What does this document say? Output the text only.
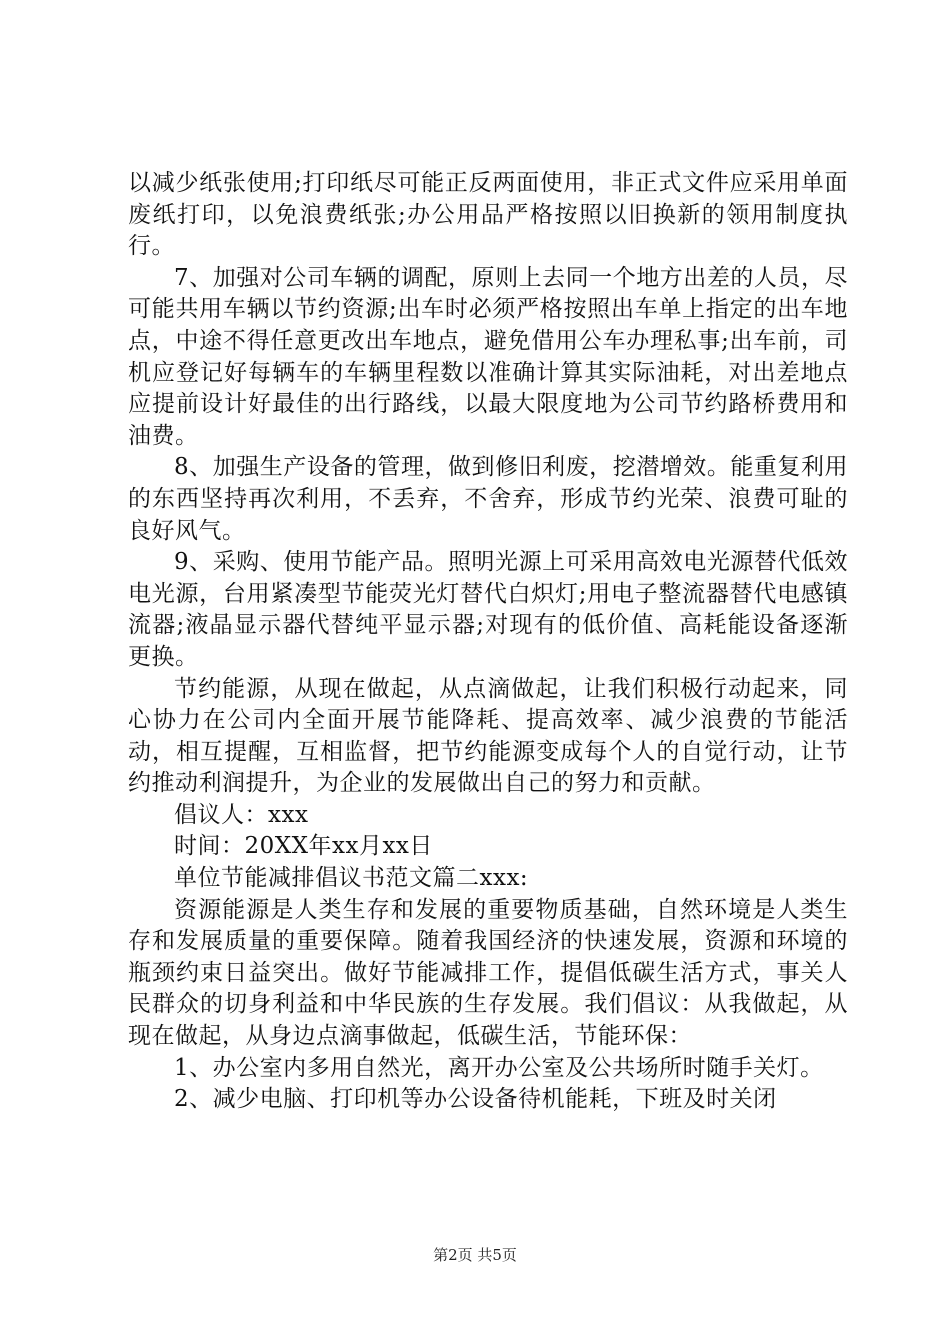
以减少纸张使用;打印纸尽可能正反两面使用，非正式文件应采用单面废纸打印，以免浪费纸张;办公用品严格按照以旧换新的领用制度执行。

7、加强对公司车辆的调配，原则上去同一个地方出差的人员，尽可能共用车辆以节约资源;出车时必须严格按照出车单上指定的出车地点，中途不得任意更改出车地点，避免借用公车办理私事;出车前，司机应登记好每辆车的车辆里程数以准确计算其实际油耗，对出差地点应提前设计好最佳的出行路线，以最大限度地为公司节约路桥费用和油费。

8、加强生产设备的管理，做到修旧利废，挖潜增效。能重复利用的东西坚持再次利用，不丢弃，不舍弃，形成节约光荣、浪费可耻的良好风气。

9、采购、使用节能产品。照明光源上可采用高效电光源替代低效电光源，台用紧凑型节能荧光灯替代白炽灯;用电子整流器替代电感镇流器;液晶显示器代替纯平显示器;对现有的低价值、高耗能设备逐渐更换。

节约能源，从现在做起，从点滴做起，让我们积极行动起来，同心协力在公司内全面开展节能降耗、提高效率、减少浪费的节能活动，相互提醒，互相监督，把节约能源变成每个人的自觉行动，让节约推动利润提升，为企业的发展做出自己的努力和贡献。

倡议人：xxx

时间：20XX年xx月xx日

单位节能减排倡议书范文篇二xxx:

资源能源是人类生存和发展的重要物质基础，自然环境是人类生存和发展质量的重要保障。随着我国经济的快速发展，资源和环境的瓶颈约束日益突出。做好节能减排工作，提倡低碳生活方式，事关人民群众的切身利益和中华民族的生存发展。我们倡议：从我做起，从现在做起，从身边点滴事做起，低碳生活，节能环保：

1、办公室内多用自然光，离开办公室及公共场所时随手关灯。

2、减少电脑、打印机等办公设备待机能耗，下班及时关闭

第2页 共5页
